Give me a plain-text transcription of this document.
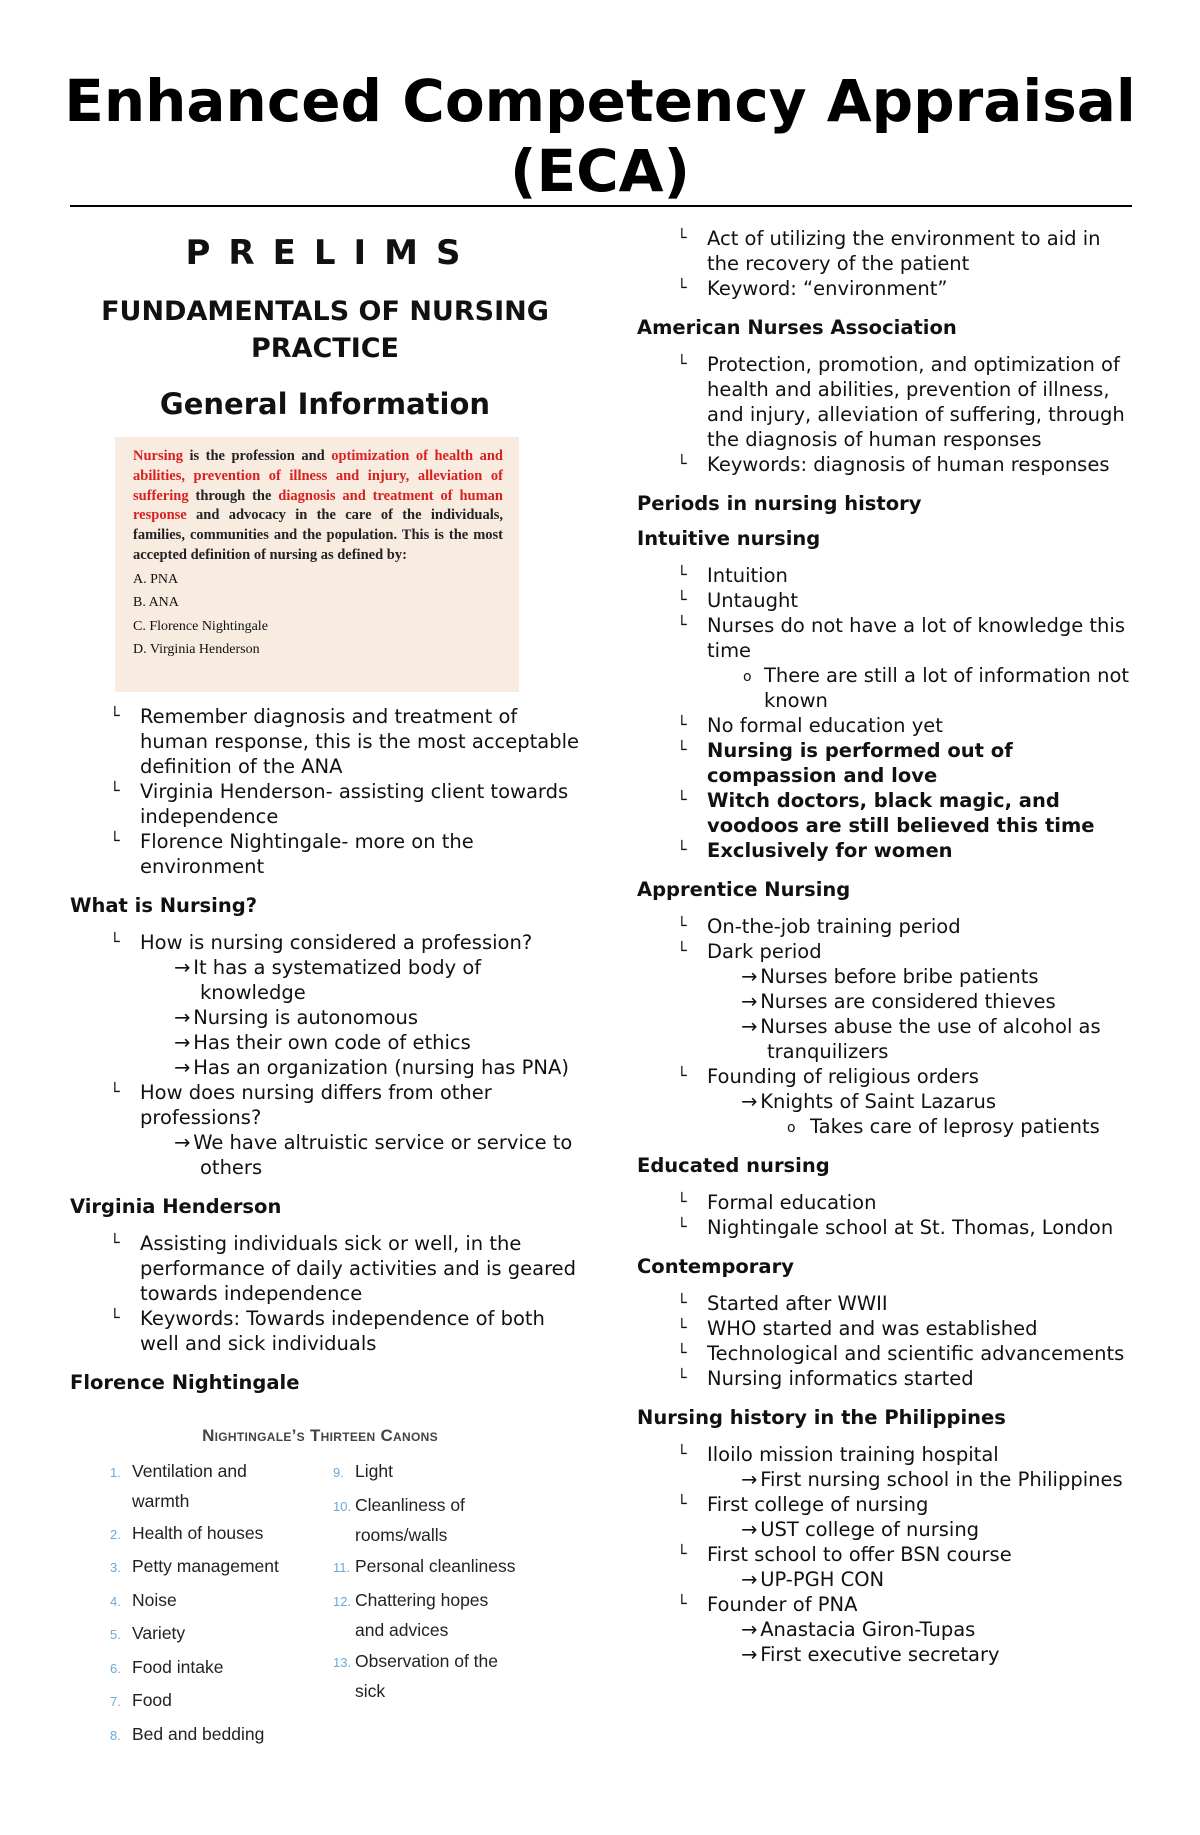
Enhanced Competency Appraisal
(ECA)
PRELIMS
FUNDAMENTALS OF NURSING
PRACTICE
General Information
Nursing is the profession and optimization of health and abilities, prevention of illness and injury, alleviation of suffering through the diagnosis and treatment of human response and advocacy in the care of the individuals, families, communities and the population. This is the most accepted definition of nursing as defined by:
A. PNA
B. ANA
C. Florence Nightingale
D. Virginia Henderson
└ Remember diagnosis and treatment of human response, this is the most acceptable definition of the ANA
└ Virginia Henderson- assisting client towards independence
└ Florence Nightingale- more on the environment
What is Nursing?
└ How is nursing considered a profession?
→ It has a systematized body of knowledge
→ Nursing is autonomous
→ Has their own code of ethics
→ Has an organization (nursing has PNA)
└ How does nursing differs from other professions?
→ We have altruistic service or service to others
Virginia Henderson
└ Assisting individuals sick or well, in the performance of daily activities and is geared towards independence
└ Keywords: Towards independence of both well and sick individuals
Florence Nightingale
Nightingale’s Thirteen Canons
1. Ventilation and
warmth
2. Health of houses
3. Petty management
4. Noise
5. Variety
6. Food intake
7. Food
8. Bed and bedding
9. Light
10. Cleanliness of
rooms/walls
11. Personal cleanliness
12. Chattering hopes
and advices
13. Observation of the
sick
└ Act of utilizing the environment to aid in the recovery of the patient
└ Keyword: “environment”
American Nurses Association
└ Protection, promotion, and optimization of health and abilities, prevention of illness, and injury, alleviation of suffering, through the diagnosis of human responses
└ Keywords: diagnosis of human responses
Periods in nursing history
Intuitive nursing
└ Intuition
└ Untaught
└ Nurses do not have a lot of knowledge this time
o There are still a lot of information not known
└ No formal education yet
└ Nursing is performed out of compassion and love
└ Witch doctors, black magic, and voodoos are still believed this time
└ Exclusively for women
Apprentice Nursing
└ On-the-job training period
└ Dark period
→ Nurses before bribe patients
→ Nurses are considered thieves
→ Nurses abuse the use of alcohol as tranquilizers
└ Founding of religious orders
→ Knights of Saint Lazarus
o Takes care of leprosy patients
Educated nursing
└ Formal education
└ Nightingale school at St. Thomas, London
Contemporary
└ Started after WWII
└ WHO started and was established
└ Technological and scientific advancements
└ Nursing informatics started
Nursing history in the Philippines
└ Iloilo mission training hospital
→ First nursing school in the Philippines
└ First college of nursing
→ UST college of nursing
└ First school to offer BSN course
→ UP-PGH CON
└ Founder of PNA
→ Anastacia Giron-Tupas
→ First executive secretary
